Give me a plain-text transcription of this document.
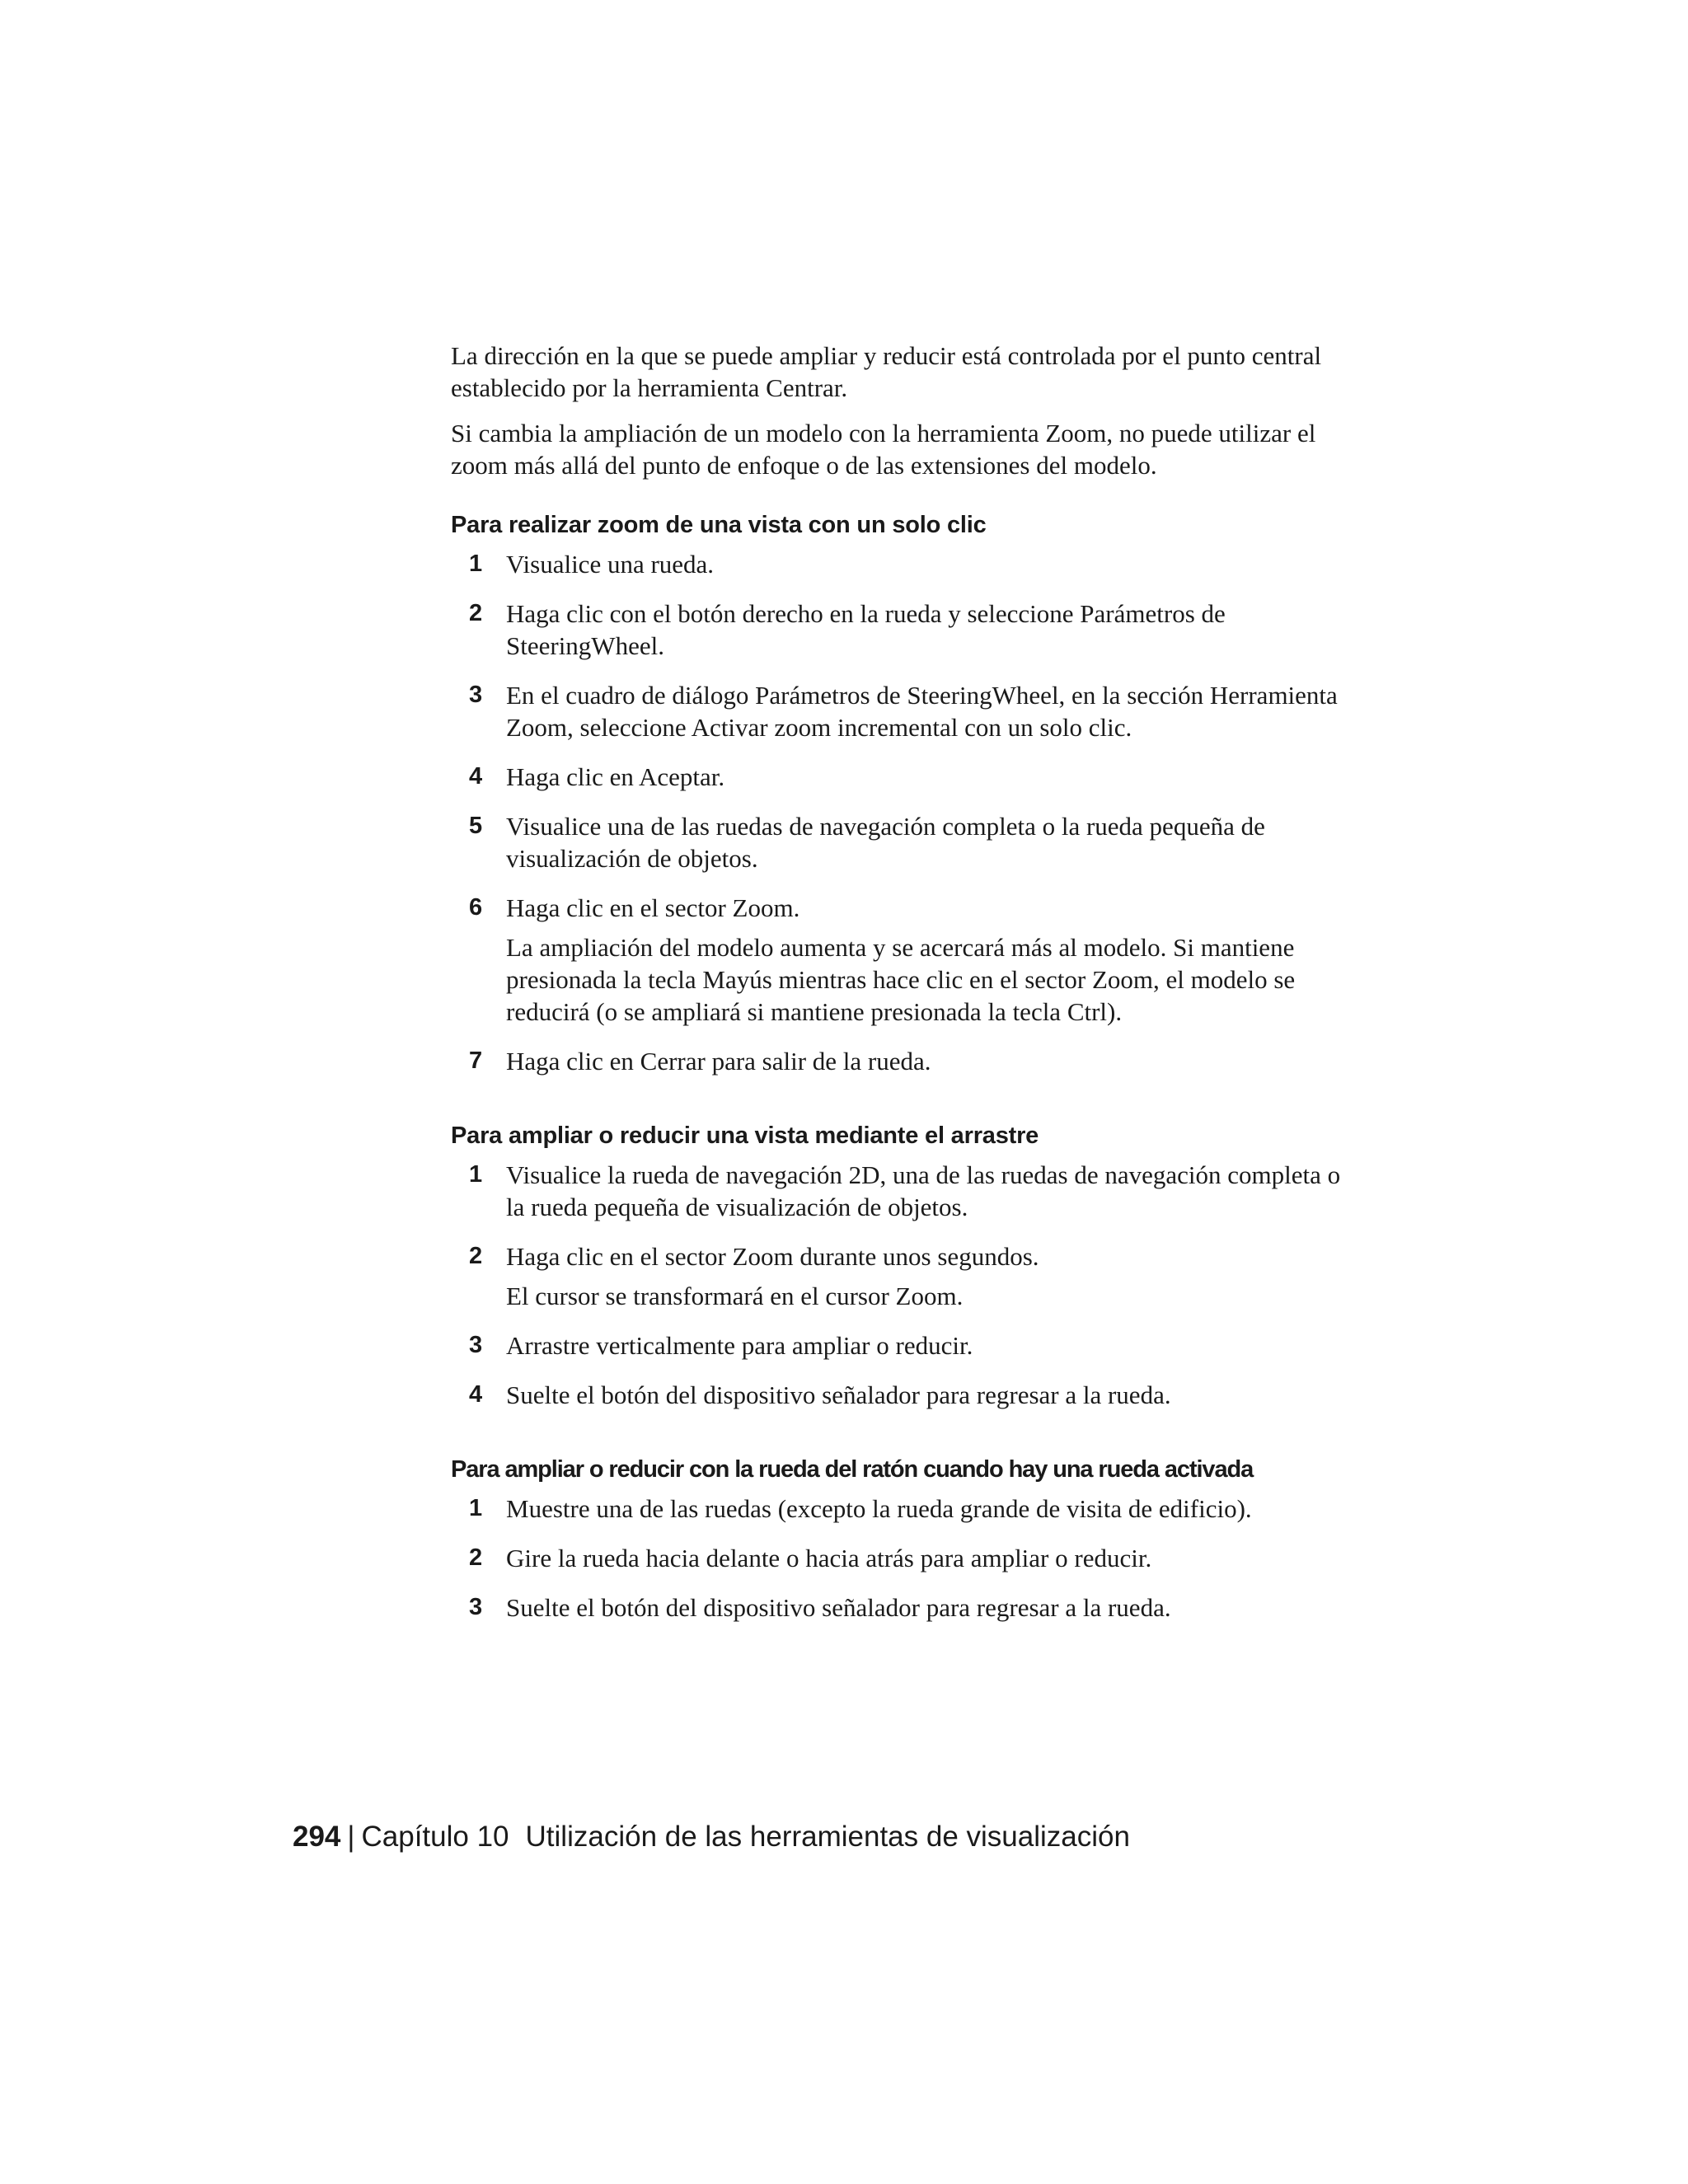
La dirección en la que se puede ampliar y reducir está controlada por el punto central establecido por la herramienta Centrar.

Si cambia la ampliación de un modelo con la herramienta Zoom, no puede utilizar el zoom más allá del punto de enfoque o de las extensiones del modelo.

Para realizar zoom de una vista con un solo clic
1 Visualice una rueda.
2 Haga clic con el botón derecho en la rueda y seleccione Parámetros de SteeringWheel.
3 En el cuadro de diálogo Parámetros de SteeringWheel, en la sección Herramienta Zoom, seleccione Activar zoom incremental con un solo clic.
4 Haga clic en Aceptar.
5 Visualice una de las ruedas de navegación completa o la rueda pequeña de visualización de objetos.
6 Haga clic en el sector Zoom.
La ampliación del modelo aumenta y se acercará más al modelo. Si mantiene presionada la tecla Mayús mientras hace clic en el sector Zoom, el modelo se reducirá (o se ampliará si mantiene presionada la tecla Ctrl).
7 Haga clic en Cerrar para salir de la rueda.
Para ampliar o reducir una vista mediante el arrastre
1 Visualice la rueda de navegación 2D, una de las ruedas de navegación completa o la rueda pequeña de visualización de objetos.
2 Haga clic en el sector Zoom durante unos segundos.
El cursor se transformará en el cursor Zoom.
3 Arrastre verticalmente para ampliar o reducir.
4 Suelte el botón del dispositivo señalador para regresar a la rueda.
Para ampliar o reducir con la rueda del ratón cuando hay una rueda activada
1 Muestre una de las ruedas (excepto la rueda grande de visita de edificio).
2 Gire la rueda hacia delante o hacia atrás para ampliar o reducir.
3 Suelte el botón del dispositivo señalador para regresar a la rueda.
294 | Capítulo 10 Utilización de las herramientas de visualización
